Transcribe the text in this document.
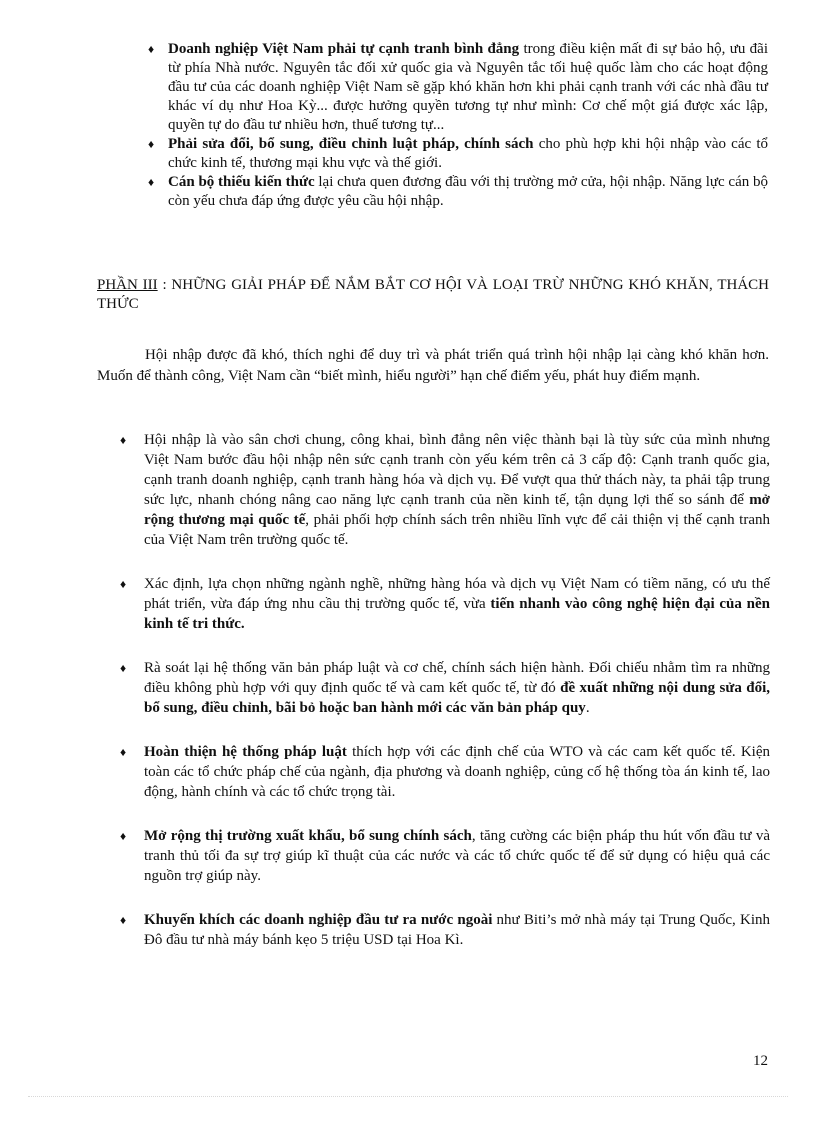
♦ Doanh nghiệp Việt Nam phải tự cạnh tranh bình đẳng trong điều kiện mất đi sự bảo hộ, ưu đãi từ phía Nhà nước. Nguyên tắc đối xử quốc gia và Nguyên tắc tối huệ quốc làm cho các hoạt động đầu tư của các doanh nghiệp Việt Nam sẽ gặp khó khăn hơn khi phải cạnh tranh với các nhà đầu tư khác ví dụ như Hoa Kỳ... được hưởng quyền tương tự như mình: Cơ chế một giá được xác lập, quyền tự do đầu tư nhiều hơn, thuế tương tự...

♦ Phải sửa đổi, bổ sung, điều chỉnh luật pháp, chính sách cho phù hợp khi hội nhập vào các tổ chức kinh tế, thương mại khu vực và thế giới.

♦ Cán bộ thiếu kiến thức lại chưa quen đương đầu với thị trường mở cửa, hội nhập. Năng lực cán bộ còn yếu chưa đáp ứng được yêu cầu hội nhập.

PHẦN III : NHỮNG GIẢI PHÁP ĐỂ NẮM BẮT CƠ HỘI VÀ LOẠI TRỪ NHỮNG KHÓ KHĂN, THÁCH THỨC

Hội nhập được đã khó, thích nghi để duy trì và phát triển quá trình hội nhập lại càng khó khăn hơn. Muốn để thành công, Việt Nam cần “biết mình, hiểu người” hạn chế điểm yếu, phát huy điểm mạnh.

♦ Hội nhập là vào sân chơi chung, công khai, bình đẳng nên việc thành bại là tùy sức của mình nhưng Việt Nam bước đầu hội nhập nên sức cạnh tranh còn yếu kém trên cả 3 cấp độ: Cạnh tranh quốc gia, cạnh tranh doanh nghiệp, cạnh tranh hàng hóa và dịch vụ. Để vượt qua thử thách này, ta phải tập trung sức lực, nhanh chóng nâng cao năng lực cạnh tranh của nền kinh tế, tận dụng lợi thế so sánh để mở rộng thương mại quốc tế, phải phối hợp chính sách trên nhiều lĩnh vực để cải thiện vị thế cạnh tranh của Việt Nam trên trường quốc tế.

♦ Xác định, lựa chọn những ngành nghề, những hàng hóa và dịch vụ Việt Nam có tiềm năng, có ưu thế phát triển, vừa đáp ứng nhu cầu thị trường quốc tế, vừa tiến nhanh vào công nghệ hiện đại của nền kinh tế tri thức.

♦ Rà soát lại hệ thống văn bản pháp luật và cơ chế, chính sách hiện hành. Đối chiếu nhằm tìm ra những điều không phù hợp với quy định quốc tế và cam kết quốc tế, từ đó đề xuất những nội dung sửa đổi, bổ sung, điều chỉnh, bãi bỏ hoặc ban hành mới các văn bản pháp quy.

♦ Hoàn thiện hệ thống pháp luật thích hợp với các định chế của WTO và các cam kết quốc tế. Kiện toàn các tổ chức pháp chế của ngành, địa phương và doanh nghiệp, củng cố hệ thống tòa án kinh tế, lao động, hành chính và các tổ chức trọng tài.

♦ Mở rộng thị trường xuất khẩu, bổ sung chính sách, tăng cường các biện pháp thu hút vốn đầu tư và tranh thủ tối đa sự trợ giúp kĩ thuật của các nước và các tổ chức quốc tế để sử dụng có hiệu quả các nguồn trợ giúp này.

♦ Khuyến khích các doanh nghiệp đầu tư ra nước ngoài như Biti’s mở nhà máy tại Trung Quốc, Kinh Đô đầu tư nhà máy bánh kẹo 5 triệu USD tại Hoa Kì.

12
